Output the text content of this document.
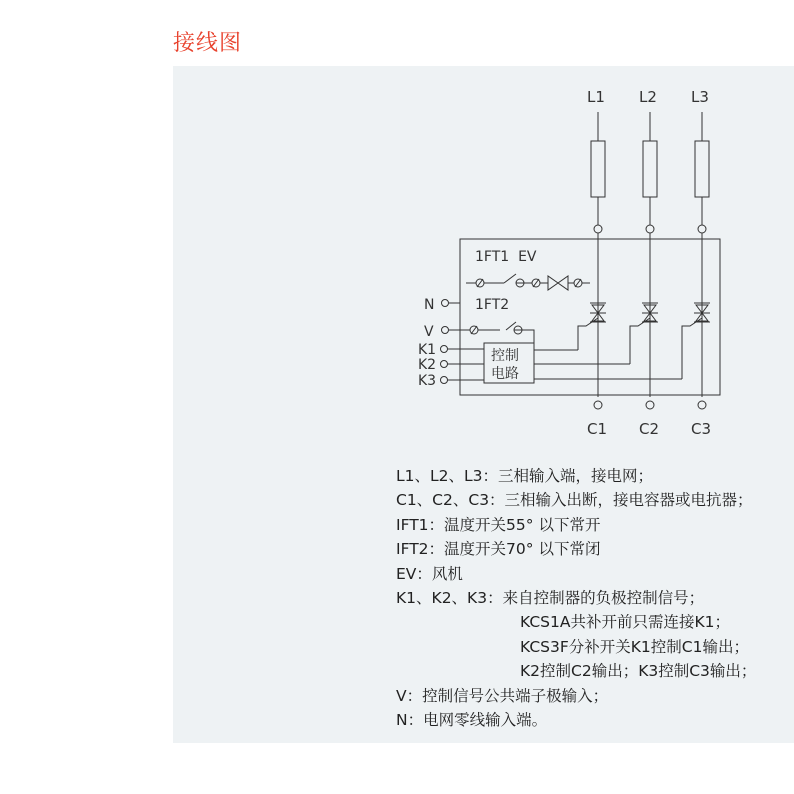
接线图
L1 L2 L3
C1 C2 C3
1FT1  EV
1FT2
N
V
K1
K2
K3
控制
电路
L1、L2、L3：三相输入端，接电网；
C1、C2、C3：三相输入出断，接电容器或电抗器；
IFT1：温度开关55° 以下常开
IFT2：温度开关70° 以下常闭
EV：风机
K1、K2、K3：来自控制器的负极控制信号；
KCS1A共补开前只需连接K1；
KCS3F分补开关K1控制C1输出；
K2控制C2输出；K3控制C3输出；
V：控制信号公共端子极输入；
N：电网零线输入端。
